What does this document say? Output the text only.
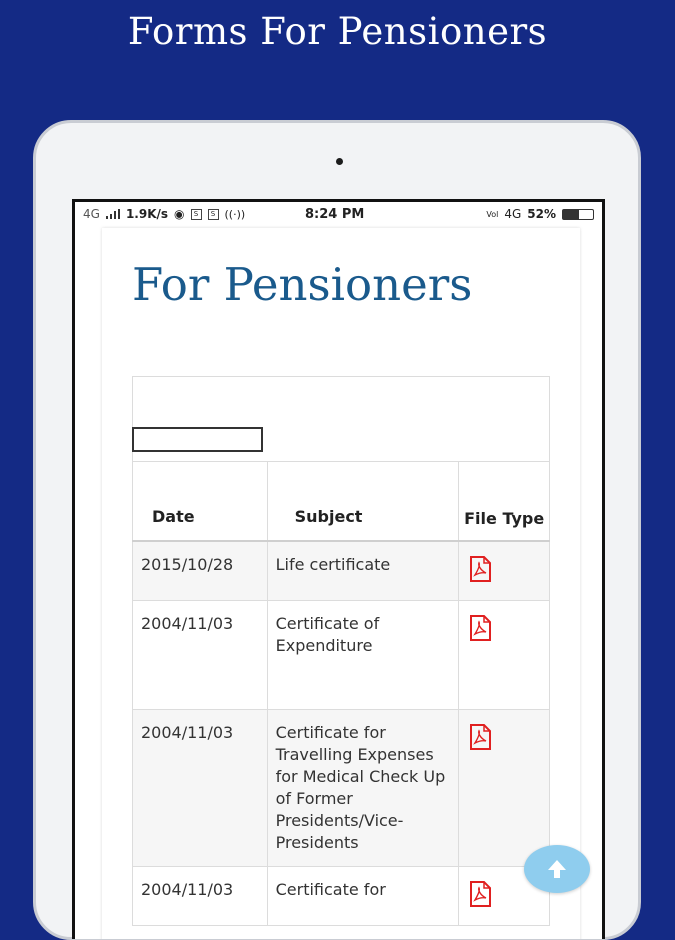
Forms For Pensioners
4G 1.9K/s ◉	S	S ((·))	Vol 4G 52%
8:24 PM
For Pensioners
Date	Subject	File Type
2015/10/28	Life certificate	
2004/11/03	Certificate of Expenditure	
2004/11/03	Certificate for Travelling Expenses for Medical Check Up of Former Presidents/Vice-Presidents	
2004/11/03	Certificate for	
